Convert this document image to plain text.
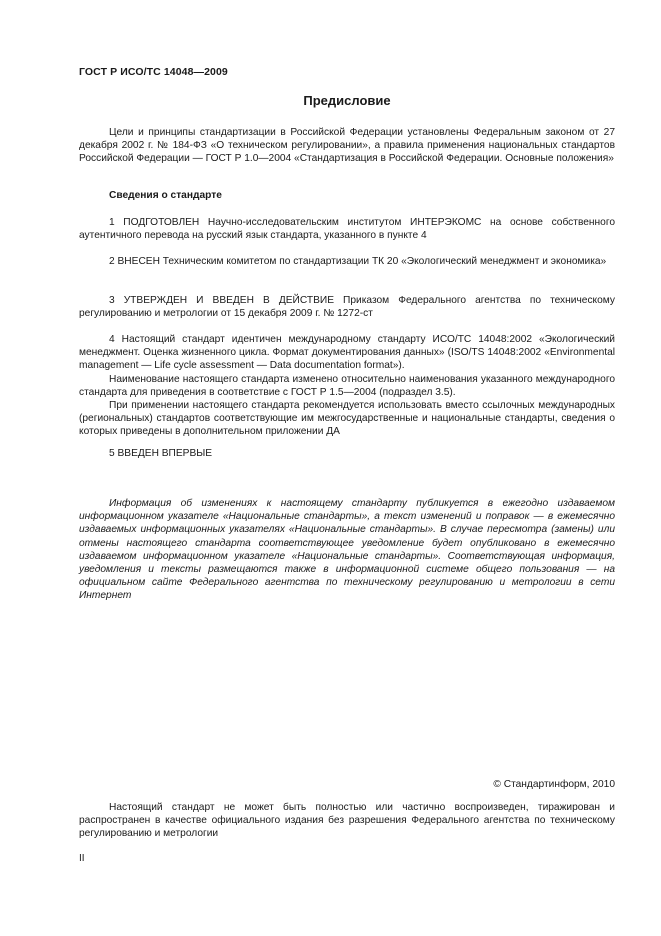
ГОСТ Р ИСО/ТС 14048—2009
Предисловие

Цели и принципы стандартизации в Российской Федерации установлены Федеральным законом от 27 декабря 2002 г. № 184-ФЗ «О техническом регулировании», а правила применения национальных стандартов Российской Федерации — ГОСТ Р 1.0—2004 «Стандартизация в Российской Федерации. Основные положения»

Сведения о стандарте

1 ПОДГОТОВЛЕН Научно-исследовательским институтом ИНТЕРЭКОМС на основе собственного аутентичного перевода на русский язык стандарта, указанного в пункте 4

2 ВНЕСЕН Техническим комитетом по стандартизации ТК 20 «Экологический менеджмент и экономика»

3 УТВЕРЖДЕН И ВВЕДЕН В ДЕЙСТВИЕ Приказом Федерального агентства по техническому регулированию и метрологии от 15 декабря 2009 г. № 1272-ст

4 Настоящий стандарт идентичен международному стандарту ИСО/ТС 14048:2002 «Экологический менеджмент. Оценка жизненного цикла. Формат документирования данных» (ISO/TS 14048:2002 «Environmental management — Life cycle assessment — Data documentation format»).

Наименование настоящего стандарта изменено относительно наименования указанного международного стандарта для приведения в соответствие с ГОСТ Р 1.5—2004 (подраздел 3.5).

При применении настоящего стандарта рекомендуется использовать вместо ссылочных международных (региональных) стандартов соответствующие им межгосударственные и национальные стандарты, сведения о которых приведены в дополнительном приложении ДА

5 ВВЕДЕН ВПЕРВЫЕ

Информация об изменениях к настоящему стандарту публикуется в ежегодно издаваемом информационном указателе «Национальные стандарты», а текст изменений и поправок — в ежемесячно издаваемых информационных указателях «Национальные стандарты». В случае пересмотра (замены) или отмены настоящего стандарта соответствующее уведомление будет опубликовано в ежемесячно издаваемом информационном указателе «Национальные стандарты». Соответствующая информация, уведомления и тексты размещаются также в информационной системе общего пользования — на официальном сайте Федерального агентства по техническому регулированию и метрологии в сети Интернет

© Стандартинформ, 2010

Настоящий стандарт не может быть полностью или частично воспроизведен, тиражирован и распространен в качестве официального издания без разрешения Федерального агентства по техническому регулированию и метрологии

II
